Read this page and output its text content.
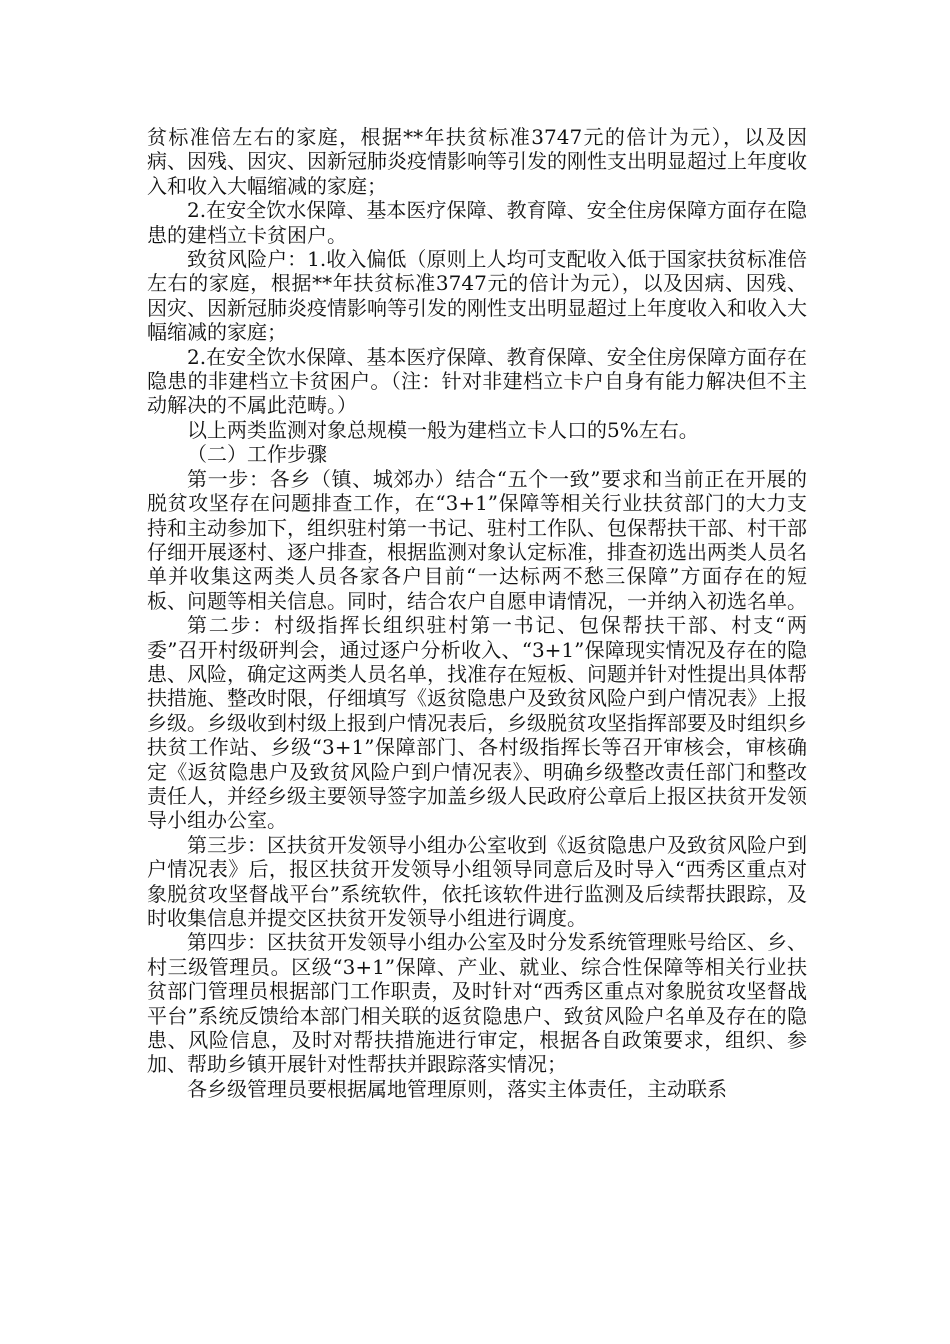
贫标准倍左右的家庭，根据**年扶贫标准3747元的倍计为元），以及因病、因残、因灾、因新冠肺炎疫情影响等引发的刚性支出明显超过上年度收入和收入大幅缩减的家庭；

2.在安全饮水保障、基本医疗保障、教育障、安全住房保障方面存在隐患的建档立卡贫困户。

致贫风险户：1.收入偏低（原则上人均可支配收入低于国家扶贫标准倍左右的家庭，根据**年扶贫标准3747元的倍计为元），以及因病、因残、因灾、因新冠肺炎疫情影响等引发的刚性支出明显超过上年度收入和收入大幅缩减的家庭；

2.在安全饮水保障、基本医疗保障、教育保障、安全住房保障方面存在隐患的非建档立卡贫困户。（注：针对非建档立卡户自身有能力解决但不主动解决的不属此范畴。）

以上两类监测对象总规模一般为建档立卡人口的5%左右。

（二）工作步骤

第一步：各乡（镇、城郊办）结合“五个一致”要求和当前正在开展的脱贫攻坚存在问题排查工作，在“3+1”保障等相关行业扶贫部门的大力支持和主动参加下，组织驻村第一书记、驻村工作队、包保帮扶干部、村干部仔细开展逐村、逐户排查，根据监测对象认定标准，排查初选出两类人员名单并收集这两类人员各家各户目前“一达标两不愁三保障”方面存在的短板、问题等相关信息。同时，结合农户自愿申请情况，一并纳入初选名单。

第二步：村级指挥长组织驻村第一书记、包保帮扶干部、村支“两委”召开村级研判会，通过逐户分析收入、“3+1”保障现实情况及存在的隐患、风险，确定这两类人员名单，找准存在短板、问题并针对性提出具体帮扶措施、整改时限，仔细填写《返贫隐患户及致贫风险户到户情况表》上报乡级。乡级收到村级上报到户情况表后，乡级脱贫攻坚指挥部要及时组织乡扶贫工作站、乡级“3+1”保障部门、各村级指挥长等召开审核会，审核确定《返贫隐患户及致贫风险户到户情况表》、明确乡级整改责任部门和整改责任人，并经乡级主要领导签字加盖乡级人民政府公章后上报区扶贫开发领导小组办公室。

第三步：区扶贫开发领导小组办公室收到《返贫隐患户及致贫风险户到户情况表》后，报区扶贫开发领导小组领导同意后及时导入“西秀区重点对象脱贫攻坚督战平台”系统软件，依托该软件进行监测及后续帮扶跟踪，及时收集信息并提交区扶贫开发领导小组进行调度。

第四步：区扶贫开发领导小组办公室及时分发系统管理账号给区、乡、村三级管理员。区级“3+1”保障、产业、就业、综合性保障等相关行业扶贫部门管理员根据部门工作职责，及时针对“西秀区重点对象脱贫攻坚督战平台”系统反馈给本部门相关联的返贫隐患户、致贫风险户名单及存在的隐患、风险信息，及时对帮扶措施进行审定，根据各自政策要求，组织、参加、帮助乡镇开展针对性帮扶并跟踪落实情况；

各乡级管理员要根据属地管理原则，落实主体责任，主动联系
